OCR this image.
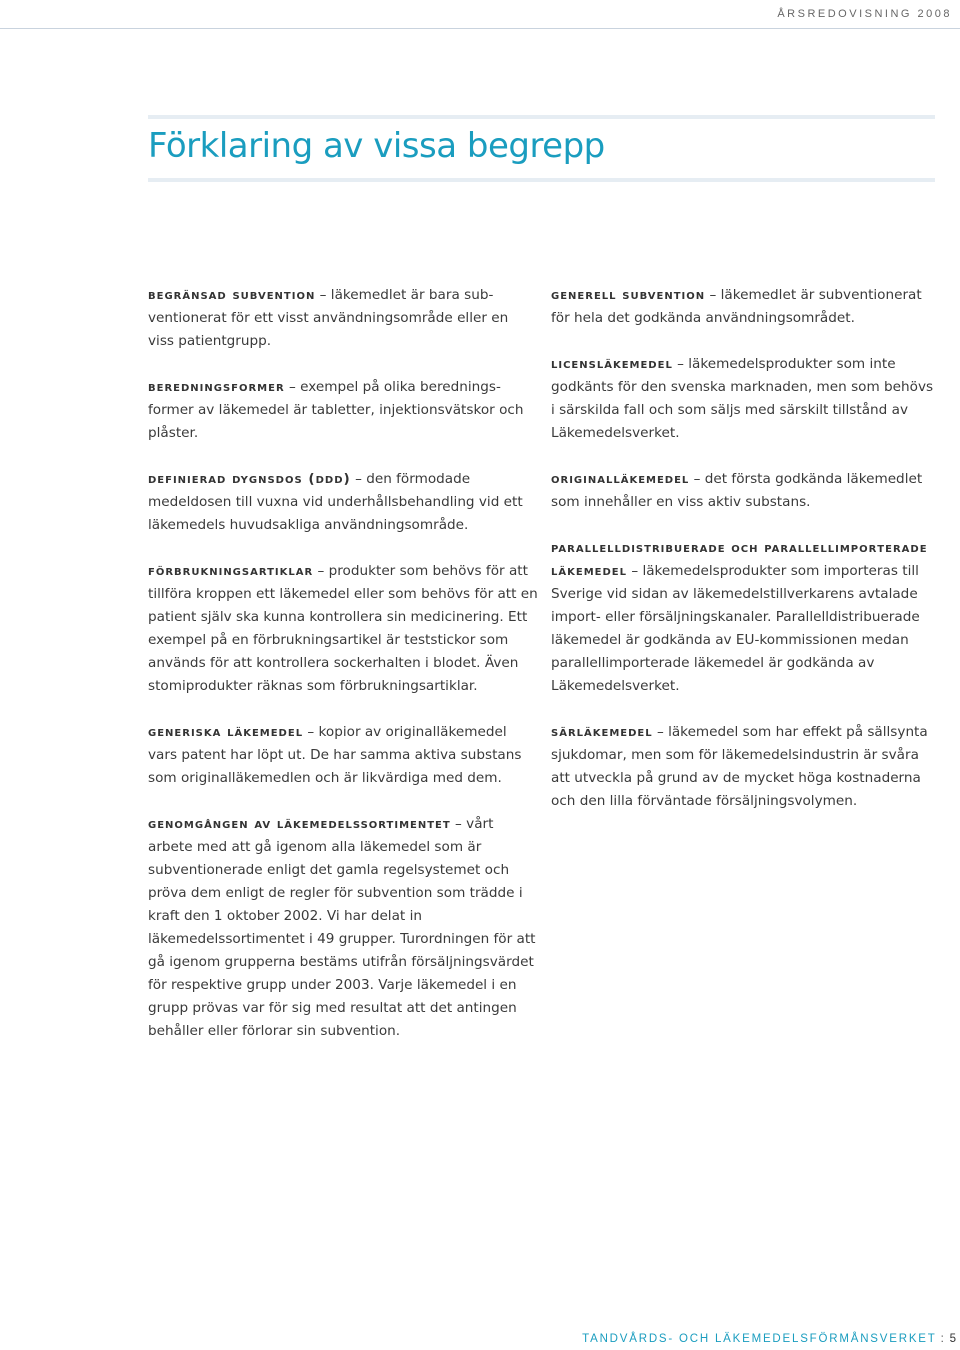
ÅRSREDOVISNING 2008
Förklaring av vissa begrepp

begränsad subvention – läkemedlet är bara subventionerat för ett visst användningsområde eller en viss patientgrupp.

beredningsformer – exempel på olika beredningsformer av läkemedel är tabletter, injektionsvätskor och plåster.

definierad dygnsdos (ddd) – den förmodade medeldosen till vuxna vid underhållsbehandling vid ett läkemedels huvudsakliga användningsområde.

förbrukningsartiklar – produkter som behövs för att tillföra kroppen ett läkemedel eller som behövs för att en patient själv ska kunna kontrollera sin medicinering. Ett exempel på en förbrukningsartikel är teststickor som används för att kontrollera sockerhalten i blodet. Även stomiprodukter räknas som förbrukningsartiklar.

generiska läkemedel – kopior av originalläkemedel vars patent har löpt ut. De har samma aktiva substans som originalläkemedlen och är likvärdiga med dem.

genomgången av läkemedelssortimentet – vårt arbete med att gå igenom alla läkemedel som är subventionerade enligt det gamla regelsystemet och pröva dem enligt de regler för subvention som trädde i kraft den 1 oktober 2002. Vi har delat in läkemedelssortimentet i 49 grupper. Turordningen för att gå igenom grupperna bestäms utifrån försäljningsvärdet för respektive grupp under 2003. Varje läkemedel i en grupp prövas var för sig med resultat att det antingen behåller eller förlorar sin subvention.

generell subvention – läkemedlet är subventionerat för hela det godkända användningsområdet.

licensläkemedel – läkemedelsprodukter som inte godkänts för den svenska marknaden, men som behövs i särskilda fall och som säljs med särskilt tillstånd av Läkemedelsverket.

originalläkemedel – det första godkända läkemedlet som innehåller en viss aktiv substans.

parallelldistribuerade och parallellimporterade läkemedel – läkemedelsprodukter som importeras till Sverige vid sidan av läkemedelstillverkarens avtalade import- eller försäljningskanaler. Parallelldistribuerade läkemedel är godkända av EU-kommissionen medan parallellimporterade läkemedel är godkända av Läkemedelsverket.

särläkemedel – läkemedel som har effekt på sällsynta sjukdomar, men som för läkemedelsindustrin är svåra att utveckla på grund av de mycket höga kostnaderna och den lilla förväntade försäljningsvolymen.

TANDVÅRDS- OCH LÄKEMEDELSFÖRMÅNSVERKET : 5
